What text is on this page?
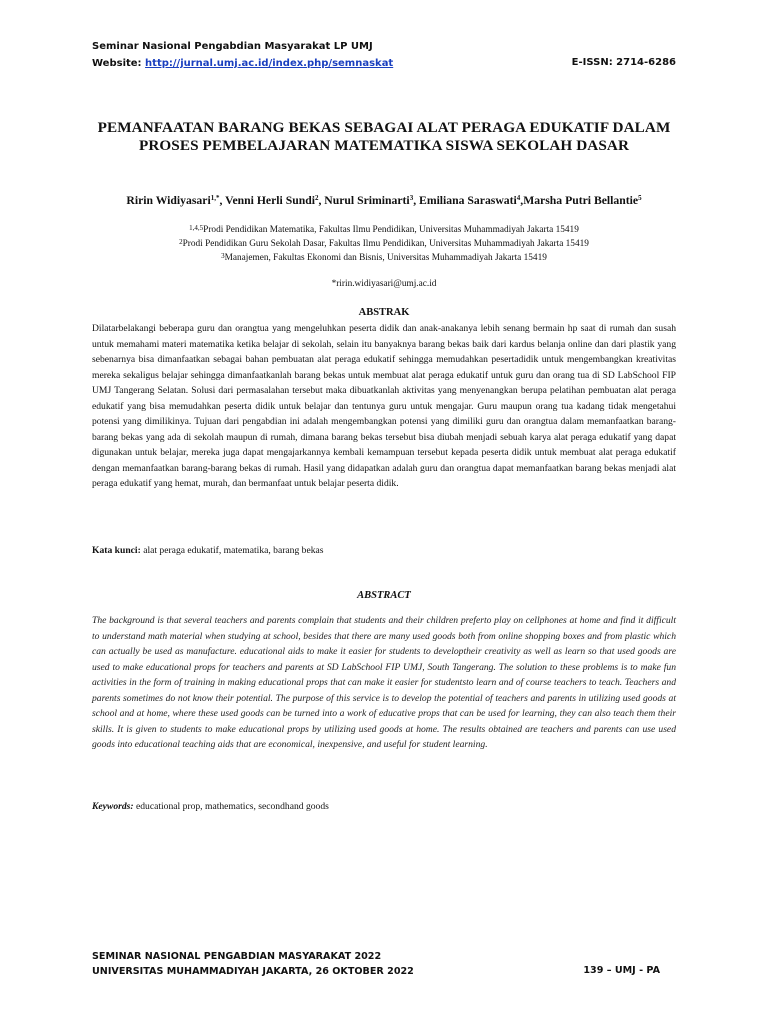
Seminar Nasional Pengabdian Masyarakat LP UMJ
Website: http://jurnal.umj.ac.id/index.php/semnaskat	E-ISSN: 2714-6286
PEMANFAATAN BARANG BEKAS SEBAGAI ALAT PERAGA EDUKATIF DALAM PROSES PEMBELAJARAN MATEMATIKA SISWA SEKOLAH DASAR
Ririn Widiyasari$^{1,*}$, Venni Herli Sundi$^2$, Nurul Sriminarti$^3$, Emiliana Saraswati$^4$,Marsha Putri Bellantie$^5$
$^{1,4,5}$Prodi Pendidikan Matematika, Fakultas Ilmu Pendidikan, Universitas Muhammadiyah Jakarta 15419
$^2$Prodi Pendidikan Guru Sekolah Dasar, Fakultas Ilmu Pendidikan, Universitas Muhammadiyah Jakarta 15419
$^3$Manajemen, Fakultas Ekonomi dan Bisnis, Universitas Muhammadiyah Jakarta 15419
*ririn.widiyasari@umj.ac.id
ABSTRAK

Dilatarbelakangi beberapa guru dan orangtua yang mengeluhkan peserta didik dan anak-anakanya lebih senang bermain hp saat di rumah dan susah untuk memahami materi matematika ketika belajar di sekolah, selain itu banyaknya barang bekas baik dari kardus belanja online dan dari plastik yang sebenarnya bisa dimanfaatkan sebagai bahan pembuatan alat peraga edukatif sehingga memudahkan pesertadidik untuk mengembangkan kreativitas mereka sekaligus belajar sehingga dimanfaatkanlah barang bekas untuk membuat alat peraga edukatif untuk guru dan orang tua di SD LabSchool FIP UMJ Tangerang Selatan. Solusi dari permasalahan tersebut maka dibuatkanlah aktivitas yang menyenangkan berupa pelatihan pembuatan alat peraga edukatif yang bisa memudahkan peserta didik untuk belajar dan tentunya guru untuk mengajar. Guru maupun orang tua kadang tidak mengetahui potensi yang dimilikinya. Tujuan dari pengabdian ini adalah mengembangkan potensi yang dimiliki guru dan orangtua dalam memanfaatkan barang-barang bekas yang ada di sekolah maupun di rumah, dimana barang bekas tersebut bisa diubah menjadi sebuah karya alat peraga edukatif yang dapat digunakan untuk belajar, mereka juga dapat mengajarkannya kembali kemampuan tersebut kepada peserta didik untuk membuat alat peraga edukatif dengan memanfaatkan barang-barang bekas di rumah. Hasil yang didapatkan adalah guru dan orangtua dapat memanfaatkan barang bekas menjadi alat peraga edukatif yang hemat, murah, dan bermanfaat untuk belajar peserta didik.

Kata kunci: alat peraga edukatif, matematika, barang bekas
ABSTRACT

The background is that several teachers and parents complain that students and their children preferto play on cellphones at home and find it difficult to understand math material when studying at school, besides that there are many used goods both from online shopping boxes and from plastic which can actually be used as manufacture. educational aids to make it easier for students to developtheir creativity as well as learn so that used goods are used to make educational props for teachers and parents at SD LabSchool FIP UMJ, South Tangerang. The solution to these problems is to make fun activities in the form of training in making educational props that can make it easier for studentsto learn and of course teachers to teach. Teachers and parents sometimes do not know their potential. The purpose of this service is to develop the potential of teachers and parents in utilizing used goods at school and at home, where these used goods can be turned into a work of educative props that can be used for learning, they can also teach them their skills. It is given to students to make educational props by utilizing used goods at home. The results obtained are teachers and parents can use used goods into educational teaching aids that are economical, inexpensive, and useful for student learning.

Keywords: educational prop, mathematics, secondhand goods
SEMINAR NASIONAL PENGABDIAN MASYARAKAT 2022
UNIVERSITAS MUHAMMADIYAH JAKARTA, 26 OKTOBER 2022	139 – UMJ - PA
